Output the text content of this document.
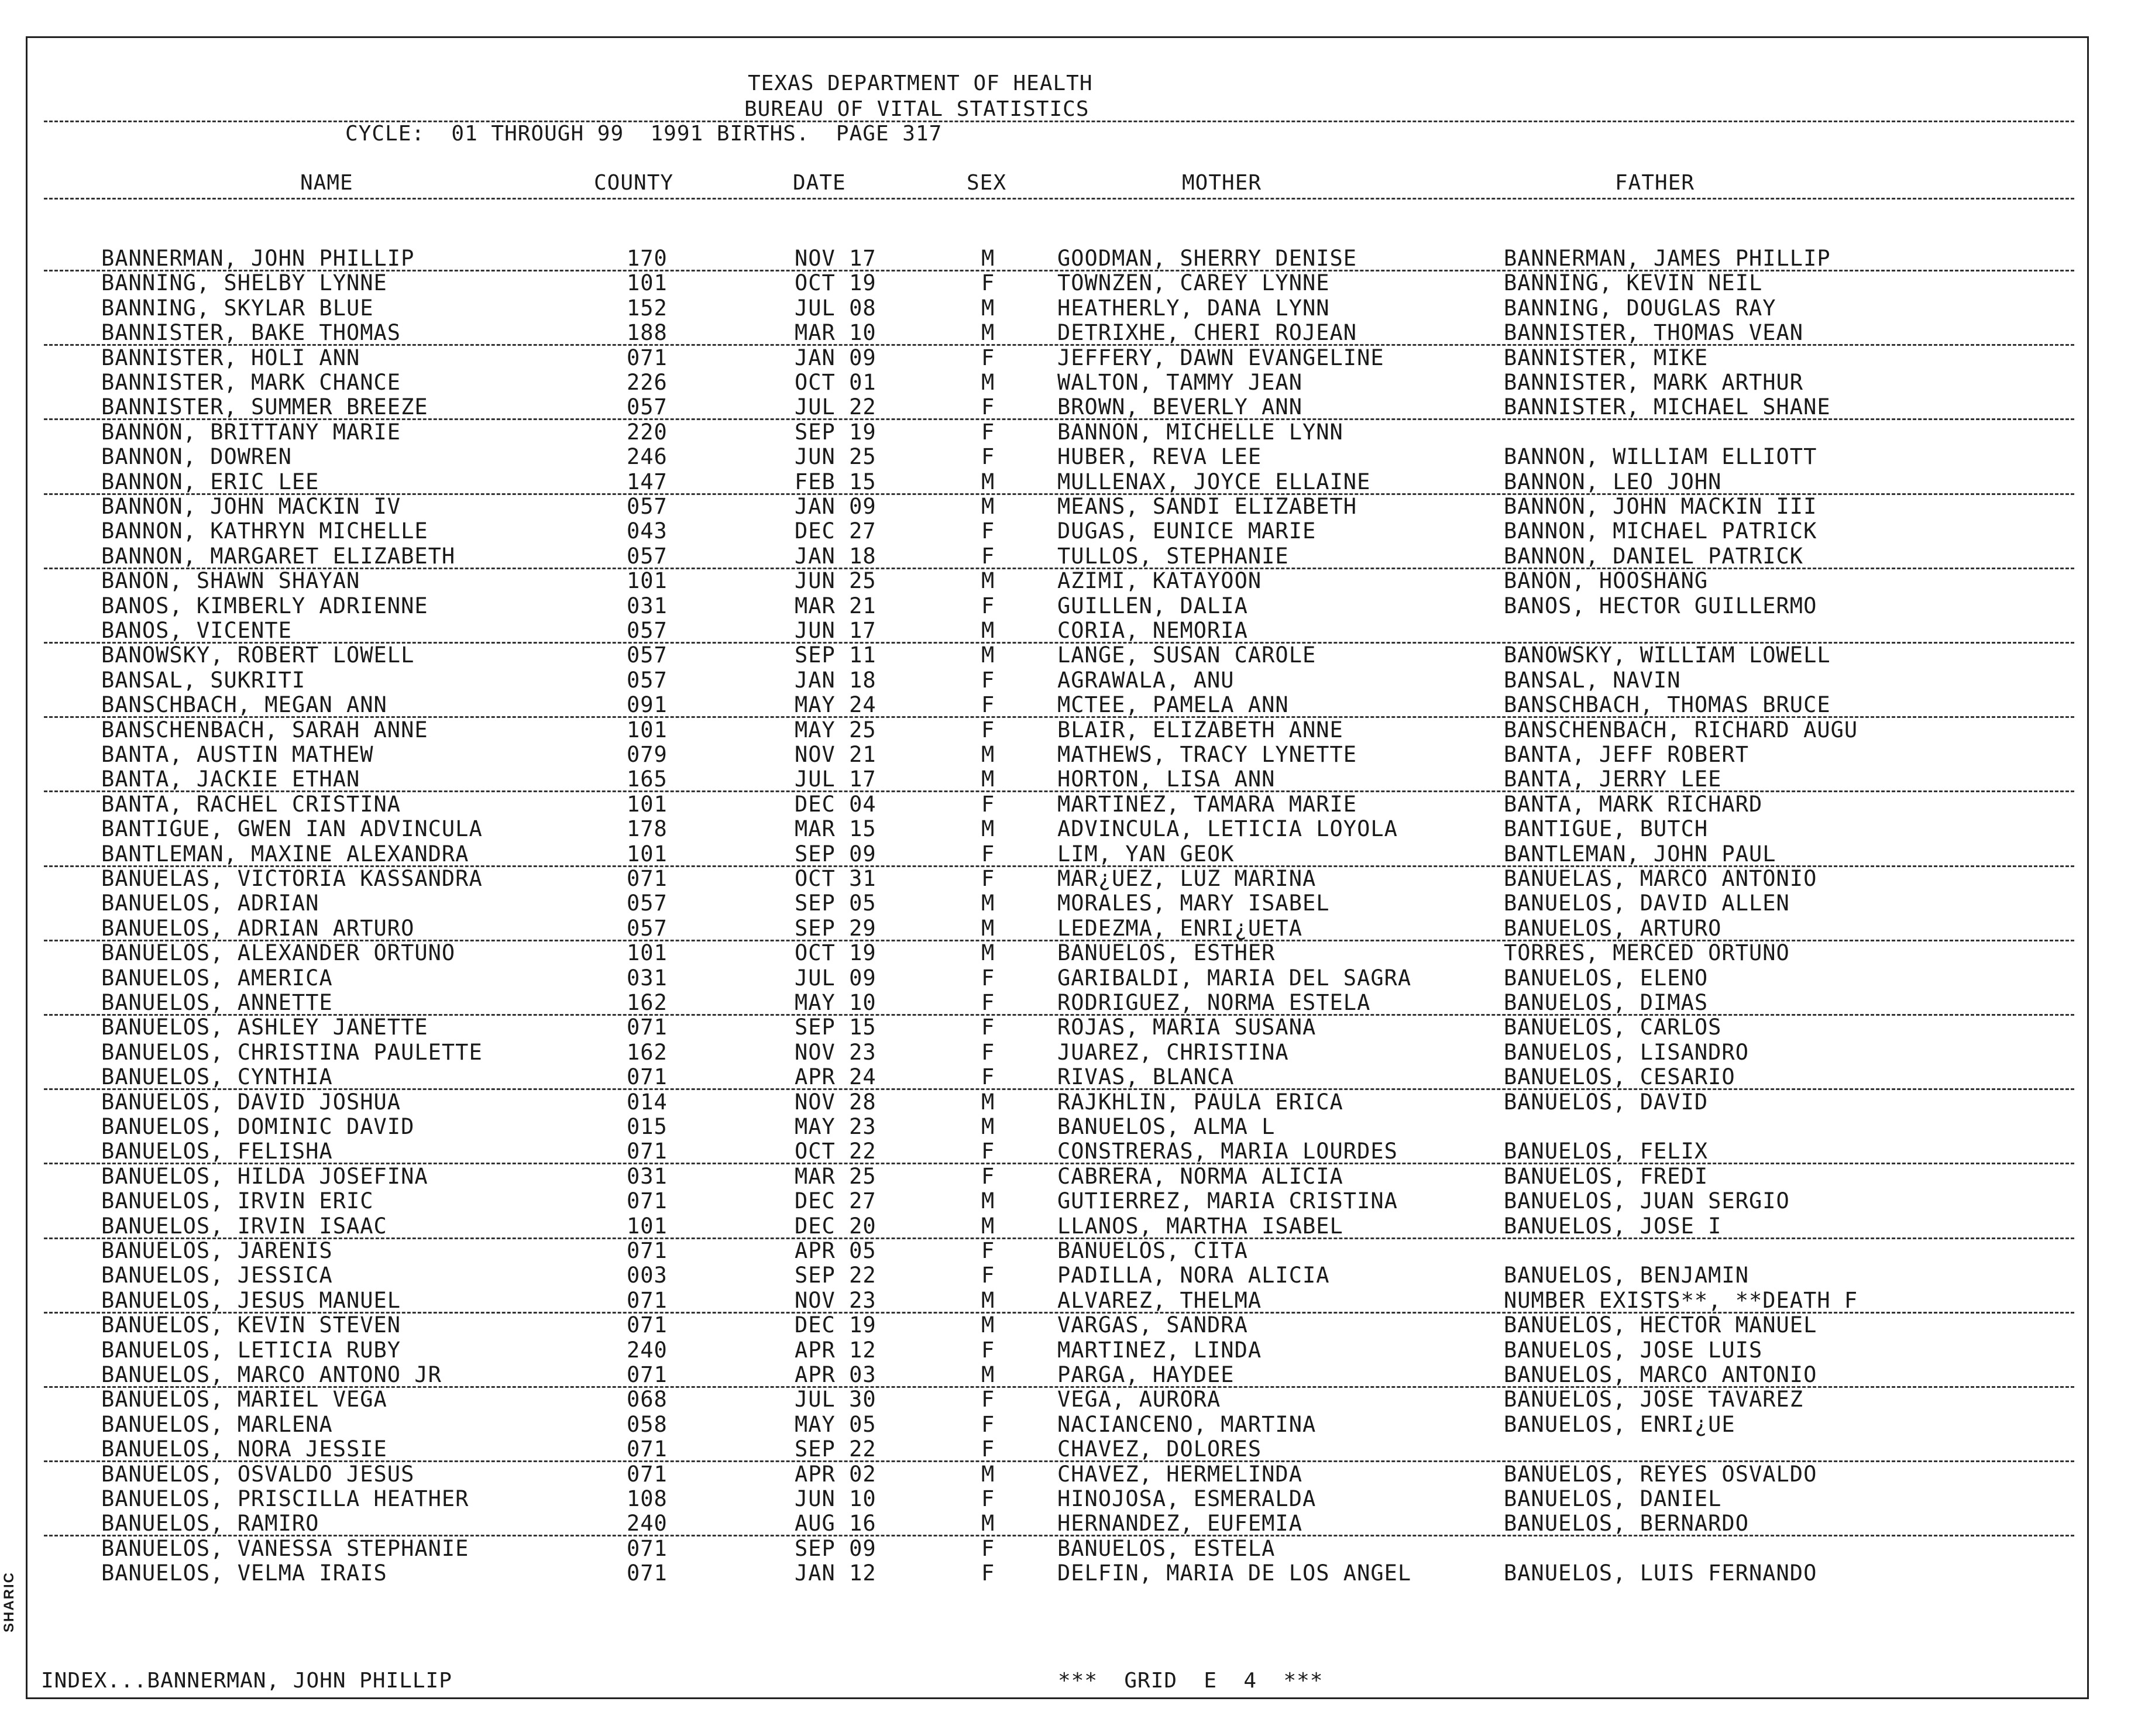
TEXAS DEPARTMENT OF HEALTH
BUREAU OF VITAL STATISTICS
CYCLE:  01 THROUGH 99  1991 BIRTHS.  PAGE 317
NAME	COUNTY	DATE	SEX	MOTHER	FATHER
BANNERMAN, JOHN PHILLIP	170	NOV 17	M	GOODMAN, SHERRY DENISE	BANNERMAN, JAMES PHILLIP
BANNING, SHELBY LYNNE	101	OCT 19	F	TOWNZEN, CAREY LYNNE	BANNING, KEVIN NEIL
BANNING, SKYLAR BLUE	152	JUL 08	M	HEATHERLY, DANA LYNN	BANNING, DOUGLAS RAY
BANNISTER, BAKE THOMAS	188	MAR 10	M	DETRIXHE, CHERI ROJEAN	BANNISTER, THOMAS VEAN
BANNISTER, HOLI ANN	071	JAN 09	F	JEFFERY, DAWN EVANGELINE	BANNISTER, MIKE
BANNISTER, MARK CHANCE	226	OCT 01	M	WALTON, TAMMY JEAN	BANNISTER, MARK ARTHUR
BANNISTER, SUMMER BREEZE	057	JUL 22	F	BROWN, BEVERLY ANN	BANNISTER, MICHAEL SHANE
BANNON, BRITTANY MARIE	220	SEP 19	F	BANNON, MICHELLE LYNN
BANNON, DOWREN	246	JUN 25	F	HUBER, REVA LEE	BANNON, WILLIAM ELLIOTT
BANNON, ERIC LEE	147	FEB 15	M	MULLENAX, JOYCE ELLAINE	BANNON, LEO JOHN
BANNON, JOHN MACKIN IV	057	JAN 09	M	MEANS, SANDI ELIZABETH	BANNON, JOHN MACKIN III
BANNON, KATHRYN MICHELLE	043	DEC 27	F	DUGAS, EUNICE MARIE	BANNON, MICHAEL PATRICK
BANNON, MARGARET ELIZABETH	057	JAN 18	F	TULLOS, STEPHANIE	BANNON, DANIEL PATRICK
BANON, SHAWN SHAYAN	101	JUN 25	M	AZIMI, KATAYOON	BANON, HOOSHANG
BANOS, KIMBERLY ADRIENNE	031	MAR 21	F	GUILLEN, DALIA	BANOS, HECTOR GUILLERMO
BANOS, VICENTE	057	JUN 17	M	CORIA, NEMORIA
BANOWSKY, ROBERT LOWELL	057	SEP 11	M	LANGE, SUSAN CAROLE	BANOWSKY, WILLIAM LOWELL
BANSAL, SUKRITI	057	JAN 18	F	AGRAWALA, ANU	BANSAL, NAVIN
BANSCHBACH, MEGAN ANN	091	MAY 24	F	MCTEE, PAMELA ANN	BANSCHBACH, THOMAS BRUCE
BANSCHENBACH, SARAH ANNE	101	MAY 25	F	BLAIR, ELIZABETH ANNE	BANSCHENBACH, RICHARD AUGU
BANTA, AUSTIN MATHEW	079	NOV 21	M	MATHEWS, TRACY LYNETTE	BANTA, JEFF ROBERT
BANTA, JACKIE ETHAN	165	JUL 17	M	HORTON, LISA ANN	BANTA, JERRY LEE
BANTA, RACHEL CRISTINA	101	DEC 04	F	MARTINEZ, TAMARA MARIE	BANTA, MARK RICHARD
BANTIGUE, GWEN IAN ADVINCULA	178	MAR 15	M	ADVINCULA, LETICIA LOYOLA	BANTIGUE, BUTCH
BANTLEMAN, MAXINE ALEXANDRA	101	SEP 09	F	LIM, YAN GEOK	BANTLEMAN, JOHN PAUL
BANUELAS, VICTORIA KASSANDRA	071	OCT 31	F	MAR¿UEZ, LUZ MARINA	BANUELAS, MARCO ANTONIO
BANUELOS, ADRIAN	057	SEP 05	M	MORALES, MARY ISABEL	BANUELOS, DAVID ALLEN
BANUELOS, ADRIAN ARTURO	057	SEP 29	M	LEDEZMA, ENRI¿UETA	BANUELOS, ARTURO
BANUELOS, ALEXANDER ORTUNO	101	OCT 19	M	BANUELOS, ESTHER	TORRES, MERCED ORTUNO
BANUELOS, AMERICA	031	JUL 09	F	GARIBALDI, MARIA DEL SAGRA	BANUELOS, ELENO
BANUELOS, ANNETTE	162	MAY 10	F	RODRIGUEZ, NORMA ESTELA	BANUELOS, DIMAS
BANUELOS, ASHLEY JANETTE	071	SEP 15	F	ROJAS, MARIA SUSANA	BANUELOS, CARLOS
BANUELOS, CHRISTINA PAULETTE	162	NOV 23	F	JUAREZ, CHRISTINA	BANUELOS, LISANDRO
BANUELOS, CYNTHIA	071	APR 24	F	RIVAS, BLANCA	BANUELOS, CESARIO
BANUELOS, DAVID JOSHUA	014	NOV 28	M	RAJKHLIN, PAULA ERICA	BANUELOS, DAVID
BANUELOS, DOMINIC DAVID	015	MAY 23	M	BANUELOS, ALMA L
BANUELOS, FELISHA	071	OCT 22	F	CONSTRERAS, MARIA LOURDES	BANUELOS, FELIX
BANUELOS, HILDA JOSEFINA	031	MAR 25	F	CABRERA, NORMA ALICIA	BANUELOS, FREDI
BANUELOS, IRVIN ERIC	071	DEC 27	M	GUTIERREZ, MARIA CRISTINA	BANUELOS, JUAN SERGIO
BANUELOS, IRVIN ISAAC	101	DEC 20	M	LLANOS, MARTHA ISABEL	BANUELOS, JOSE I
BANUELOS, JARENIS	071	APR 05	F	BANUELOS, CITA
BANUELOS, JESSICA	003	SEP 22	F	PADILLA, NORA ALICIA	BANUELOS, BENJAMIN
BANUELOS, JESUS MANUEL	071	NOV 23	M	ALVAREZ, THELMA	NUMBER EXISTS**, **DEATH F
BANUELOS, KEVIN STEVEN	071	DEC 19	M	VARGAS, SANDRA	BANUELOS, HECTOR MANUEL
BANUELOS, LETICIA RUBY	240	APR 12	F	MARTINEZ, LINDA	BANUELOS, JOSE LUIS
BANUELOS, MARCO ANTONO JR	071	APR 03	M	PARGA, HAYDEE	BANUELOS, MARCO ANTONIO
BANUELOS, MARIEL VEGA	068	JUL 30	F	VEGA, AURORA	BANUELOS, JOSE TAVAREZ
BANUELOS, MARLENA	058	MAY 05	F	NACIANCENO, MARTINA	BANUELOS, ENRI¿UE
BANUELOS, NORA JESSIE	071	SEP 22	F	CHAVEZ, DOLORES
BANUELOS, OSVALDO JESUS	071	APR 02	M	CHAVEZ, HERMELINDA	BANUELOS, REYES OSVALDO
BANUELOS, PRISCILLA HEATHER	108	JUN 10	F	HINOJOSA, ESMERALDA	BANUELOS, DANIEL
BANUELOS, RAMIRO	240	AUG 16	M	HERNANDEZ, EUFEMIA	BANUELOS, BERNARDO
BANUELOS, VANESSA STEPHANIE	071	SEP 09	F	BANUELOS, ESTELA
BANUELOS, VELMA IRAIS	071	JAN 12	F	DELFIN, MARIA DE LOS ANGEL	BANUELOS, LUIS FERNANDO
INDEX...BANNERMAN, JOHN PHILLIP	***  GRID  E  4  ***
SHARIC
